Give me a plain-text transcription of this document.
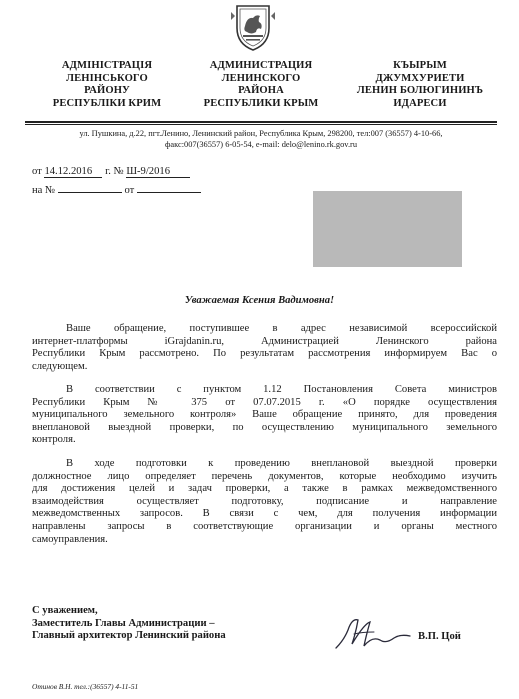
АДМІНІСТРАЦІЯ
ЛЕНІНСЬКОГО
РАЙОНУ
РЕСПУБЛІКИ КРИМ
АДМИНИСТРАЦИЯ
ЛЕНИНСКОГО
РАЙОНА
РЕСПУБЛИКИ КРЫМ
КЪЫРЫМ
ДЖУМХУРИЕТИ
ЛЕНИН БОЛЮГИНИНЪ
ИДАРЕСИ
ул. Пушкина, д.22, пгт.Ленино, Ленинский район, Республика Крым, 298200, тел:007 (36557) 4-10-66,
факс:007(36557) 6-05-54, e-mail: delo@lenino.rk.gov.ru
от 14.12.2016 г. № Ш-9/2016
на №	от
Уважаемая Ксения Вадимовна!
Ваше обращение, поступившее в адрес независимой всероссийской
интернет-платформы iGrajdanin.ru, Администрацией Ленинского района
Республики Крым рассмотрено. По результатам рассмотрения информируем Вас о
следующем.
В соответствии с пунктом 1.12 Постановления Совета министров
Республики Крым № 375 от 07.07.2015 г. «О порядке осуществления
муниципального земельного контроля» Ваше обращение принято, для проведения
внеплановой выездной проверки, по осуществлению муниципального земельного
контроля.
В ходе подготовки к проведению внеплановой выездной проверки
должностное лицо определяет перечень документов, которые необходимо изучить
для достижения целей и задач проверки, а также в рамках межведомственного
взаимодействия осуществляет подготовку, подписание и направление
межведомственных запросов. В связи с чем, для получения информации
направлены запросы в соответствующие организации и органы местного
самоуправления.
С уважением,
Заместитель Главы Администрации –
Главный архитектор Ленинский района	В.П. Цой
Отинов В.Н. тел.:(36557) 4-11-51
